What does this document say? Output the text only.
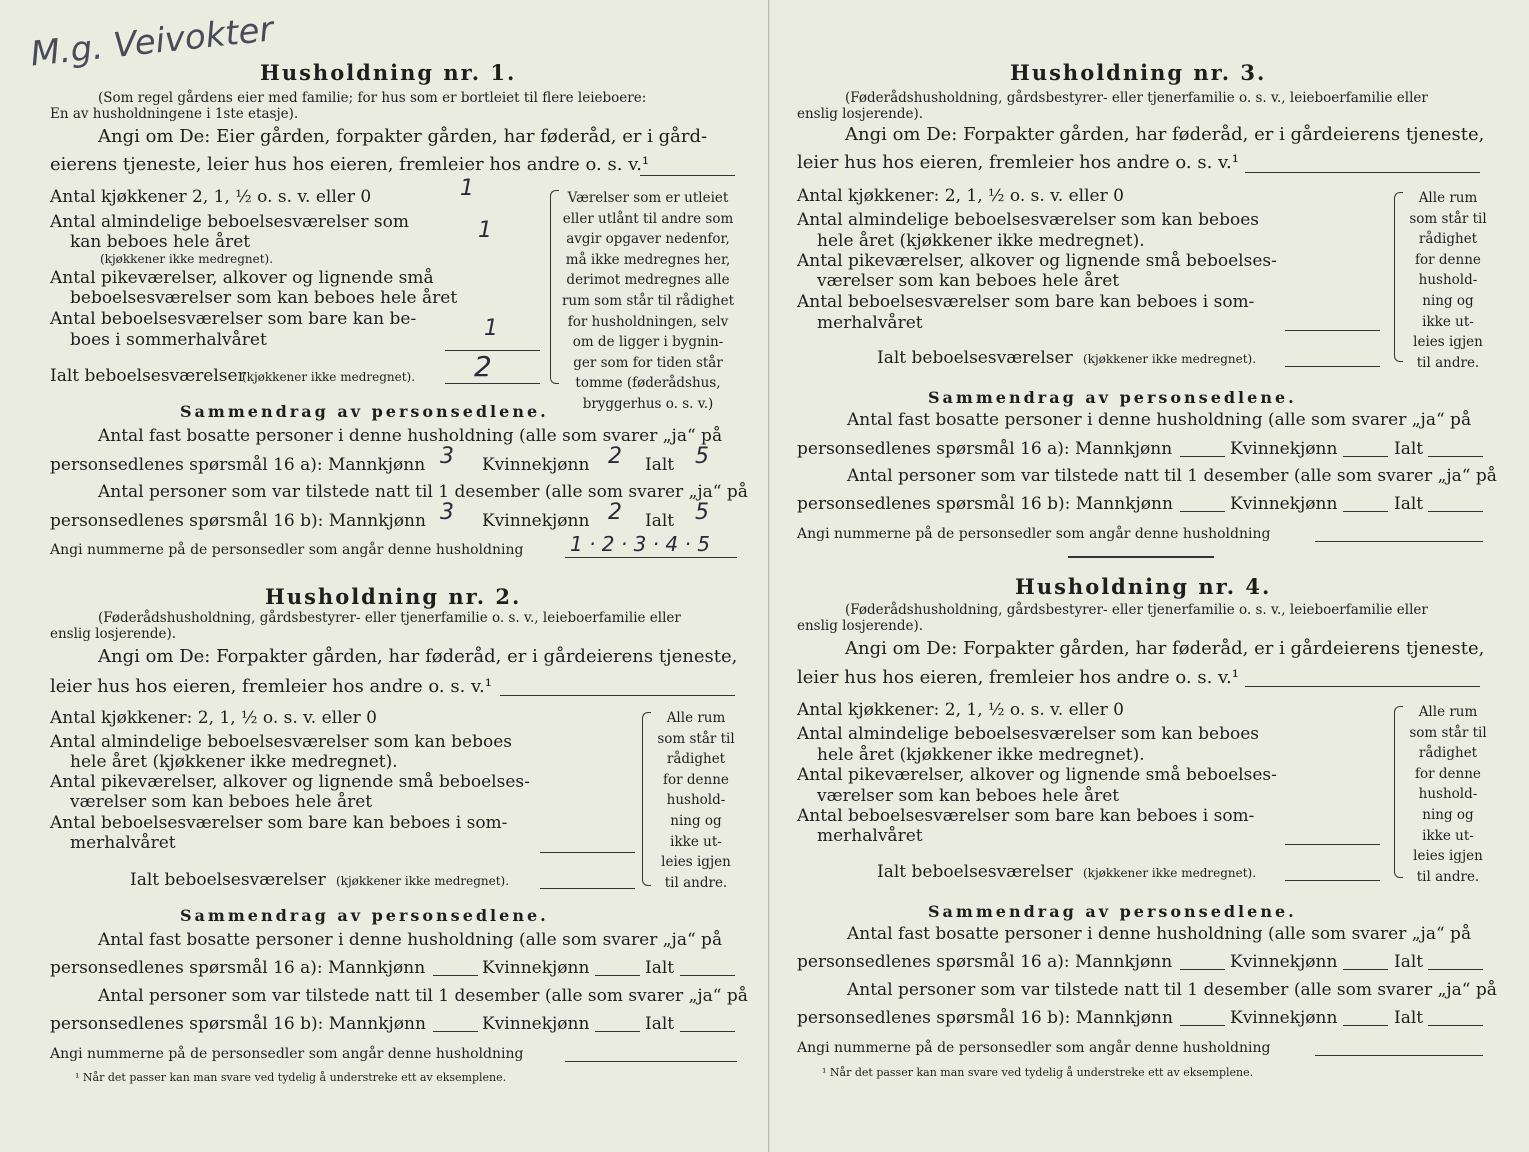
M.g. Veivokter
Husholdning nr. 1.
(Som regel gårdens eier med familie; for hus som er bortleiet til flere leieboere:
En av husholdningene i 1ste etasje).
Angi om De: Eier gården, forpakter gården, har føderåd, er i gård-
eierens tjeneste, leier hus hos eieren, fremleier hos andre o. s. v.¹
Antal kjøkkener 2, 1, ½ o. s. v. eller 0	1
Antal almindelige beboelsesværelser som
kan beboes hele året	1
(kjøkkener ikke medregnet).
Antal pikeværelser, alkover og lignende små
beboelsesværelser som kan beboes hele året
Antal beboelsesværelser som bare kan be-
boes i sommerhalvåret	1
Ialt beboelsesværelser
(kjøkkener ikke medregnet). 2
Værelser som er utleiet
eller utlånt til andre som
avgir opgaver nedenfor,
må ikke medregnes her,
derimot medregnes alle
rum som står til rådighet
for husholdningen, selv
om de ligger i bygnin-
ger som for tiden står
tomme (føderådshus,
bryggerhus o. s. v.)
Sammendrag av personsedlene.
Antal fast bosatte personer i denne husholdning (alle som svarer „ja“ på
personsedlenes spørsmål 16 a): Mannkjønn 3 Kvinnekjønn 2 Ialt 5
Antal personer som var tilstede natt til 1 desember (alle som svarer „ja“ på
personsedlenes spørsmål 16 b): Mannkjønn 3 Kvinnekjønn 2 Ialt 5
Angi nummerne på de personsedler som angår denne husholdning 1 · 2 · 3 · 4 · 5
Husholdning nr. 2.
(Føderådshusholdning, gårdsbestyrer- eller tjenerfamilie o. s. v., leieboerfamilie eller
enslig losjerende).
Angi om De: Forpakter gården, har føderåd, er i gårdeierens tjeneste,
leier hus hos eieren, fremleier hos andre o. s. v.¹
Antal kjøkkener: 2, 1, ½ o. s. v. eller 0
Antal almindelige beboelsesværelser som kan beboes
hele året (kjøkkener ikke medregnet).
Antal pikeværelser, alkover og lignende små beboelses-
værelser som kan beboes hele året
Antal beboelsesværelser som bare kan beboes i som-
merhalvåret
Ialt beboelsesværelser (kjøkkener ikke medregnet).
Alle rum
som står til
rådighet
for denne
hushold-
ning og
ikke ut-
leies igjen
til andre.
Sammendrag av personsedlene.
Antal fast bosatte personer i denne husholdning (alle som svarer „ja“ på
personsedlenes spørsmål 16 a): Mannkjønn	Kvinnekjønn	Ialt
Antal personer som var tilstede natt til 1 desember (alle som svarer „ja“ på
personsedlenes spørsmål 16 b): Mannkjønn	Kvinnekjønn	Ialt
Angi nummerne på de personsedler som angår denne husholdning
¹ Når det passer kan man svare ved tydelig å understreke ett av eksemplene.
Husholdning nr. 3.
(Føderådshusholdning, gårdsbestyrer- eller tjenerfamilie o. s. v., leieboerfamilie eller
enslig losjerende).
Angi om De: Forpakter gården, har føderåd, er i gårdeierens tjeneste,
leier hus hos eieren, fremleier hos andre o. s. v.¹
Antal kjøkkener: 2, 1, ½ o. s. v. eller 0
Antal almindelige beboelsesværelser som kan beboes
hele året (kjøkkener ikke medregnet).
Antal pikeværelser, alkover og lignende små beboelses-
værelser som kan beboes hele året
Antal beboelsesværelser som bare kan beboes i som-
merhalvåret
Ialt beboelsesværelser (kjøkkener ikke medregnet).
Alle rum
som står til
rådighet
for denne
hushold-
ning og
ikke ut-
leies igjen
til andre.
Sammendrag av personsedlene.
Antal fast bosatte personer i denne husholdning (alle som svarer „ja“ på
personsedlenes spørsmål 16 a): Mannkjønn	Kvinnekjønn	Ialt
Antal personer som var tilstede natt til 1 desember (alle som svarer „ja“ på
personsedlenes spørsmål 16 b): Mannkjønn	Kvinnekjønn	Ialt
Angi nummerne på de personsedler som angår denne husholdning
Husholdning nr. 4.
(Føderådshusholdning, gårdsbestyrer- eller tjenerfamilie o. s. v., leieboerfamilie eller
enslig losjerende).
Angi om De: Forpakter gården, har føderåd, er i gårdeierens tjeneste,
leier hus hos eieren, fremleier hos andre o. s. v.¹
Antal kjøkkener: 2, 1, ½ o. s. v. eller 0
Antal almindelige beboelsesværelser som kan beboes
hele året (kjøkkener ikke medregnet).
Antal pikeværelser, alkover og lignende små beboelses-
værelser som kan beboes hele året
Antal beboelsesværelser som bare kan beboes i som-
merhalvåret
Ialt beboelsesværelser (kjøkkener ikke medregnet).
Alle rum
som står til
rådighet
for denne
hushold-
ning og
ikke ut-
leies igjen
til andre.
Sammendrag av personsedlene.
Antal fast bosatte personer i denne husholdning (alle som svarer „ja“ på
personsedlenes spørsmål 16 a): Mannkjønn	Kvinnekjønn	Ialt
Antal personer som var tilstede natt til 1 desember (alle som svarer „ja“ på
personsedlenes spørsmål 16 b): Mannkjønn	Kvinnekjønn	Ialt
Angi nummerne på de personsedler som angår denne husholdning
¹ Når det passer kan man svare ved tydelig å understreke ett av eksemplene.
